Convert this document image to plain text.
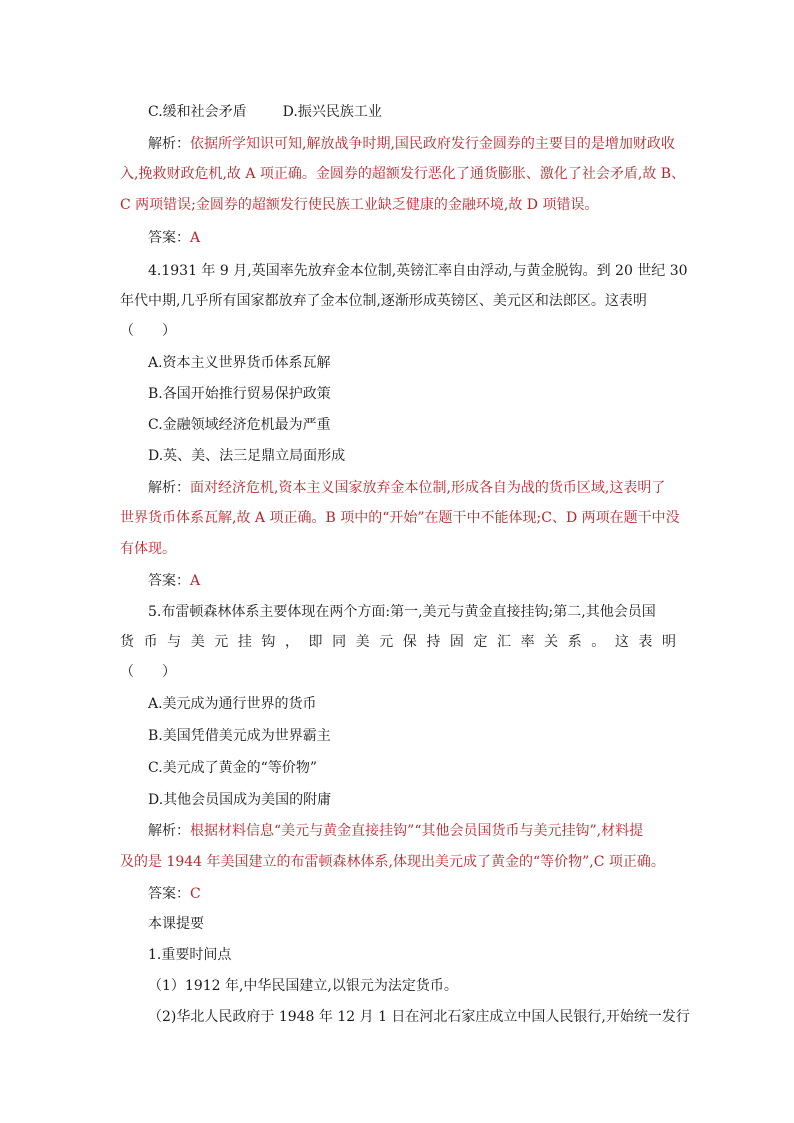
C.缓和社会矛盾	D.振兴民族工业
解析：依据所学知识可知,解放战争时期,国民政府发行金圆券的主要目的是增加财政收
入,挽救财政危机,故 A 项正确。金圆券的超额发行恶化了通货膨胀、激化了社会矛盾,故 B、
C 两项错误;金圆券的超额发行使民族工业缺乏健康的金融环境,故 D 项错误。
答案：A
4.1931 年 9 月,英国率先放弃金本位制,英镑汇率自由浮动,与黄金脱钩。到 20 世纪 30
年代中期,几乎所有国家都放弃了金本位制,逐渐形成英镑区、美元区和法郎区。这表明
（　　）
A.资本主义世界货币体系瓦解
B.各国开始推行贸易保护政策
C.金融领域经济危机最为严重
D.英、美、法三足鼎立局面形成
解析：面对经济危机,资本主义国家放弃金本位制,形成各自为战的货币区域,这表明了
世界货币体系瓦解,故 A 项正确。B 项中的“开始”在题干中不能体现;C、D 两项在题干中没
有体现。
答案：A
5.布雷顿森林体系主要体现在两个方面:第一,美元与黄金直接挂钩;第二,其他会员国
货币与美元挂钩，即同美元保持固定汇率关系。这表明
（　　）
A.美元成为通行世界的货币
B.美国凭借美元成为世界霸主
C.美元成了黄金的“等价物”
D.其他会员国成为美国的附庸
解析：根据材料信息“美元与黄金直接挂钩”“其他会员国货币与美元挂钩”,材料提
及的是 1944 年美国建立的布雷顿森林体系,体现出美元成了黄金的“等价物”,C 项正确。
答案：C
本课提要
1.重要时间点
（1）1912 年,中华民国建立,以银元为法定货币。
（2)华北人民政府于 1948 年 12 月 1 日在河北石家庄成立中国人民银行,开始统一发行
